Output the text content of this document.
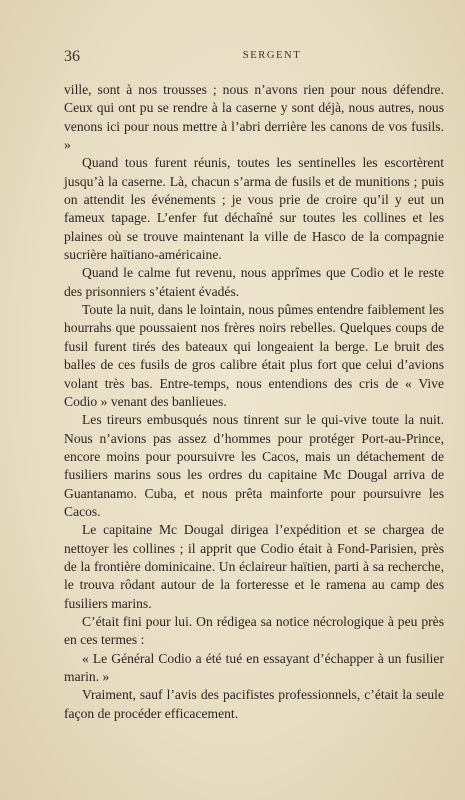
36	SERGENT

ville, sont à nos trousses ; nous n’avons rien pour nous défendre. Ceux qui ont pu se rendre à la caserne y sont déjà, nous autres, nous venons ici pour nous mettre à l’abri derrière les canons de vos fusils. »

Quand tous furent réunis, toutes les sentinelles les escortèrent jusqu’à la caserne. Là, chacun s’arma de fusils et de munitions ; puis on attendit les événements ; je vous prie de croire qu’il y eut un fameux tapage. L’enfer fut déchaîné sur toutes les collines et les plaines où se trouve maintenant la ville de Hasco de la compagnie sucrière haïtiano-américaine.

Quand le calme fut revenu, nous apprîmes que Codio et le reste des prisonniers s’étaient évadés.

Toute la nuit, dans le lointain, nous pûmes entendre faiblement les hourrahs que poussaient nos frères noirs rebelles. Quelques coups de fusil furent tirés des bateaux qui longeaient la berge. Le bruit des balles de ces fusils de gros calibre était plus fort que celui d’avions volant très bas. Entre-temps, nous entendions des cris de « Vive Codio » venant des banlieues.

Les tireurs embusqués nous tinrent sur le qui-vive toute la nuit. Nous n’avions pas assez d’hommes pour protéger Port-au-Prince, encore moins pour poursuivre les Cacos, mais un détachement de fusiliers marins sous les ordres du capitaine Mc Dougal arriva de Guantanamo. Cuba, et nous prêta mainforte pour poursuivre les Cacos.

Le capitaine Mc Dougal dirigea l’expédition et se chargea de nettoyer les collines ; il apprit que Codio était à Fond-Parisien, près de la frontière dominicaine. Un éclaireur haïtien, parti à sa recherche, le trouva rôdant autour de la forteresse et le ramena au camp des fusiliers marins.

C’était fini pour lui. On rédigea sa notice nécrologique à peu près en ces termes :

« Le Général Codio a été tué en essayant d’échapper à un fusilier marin. »

Vraiment, sauf l’avis des pacifistes professionnels, c’était la seule façon de procéder efficacement.
